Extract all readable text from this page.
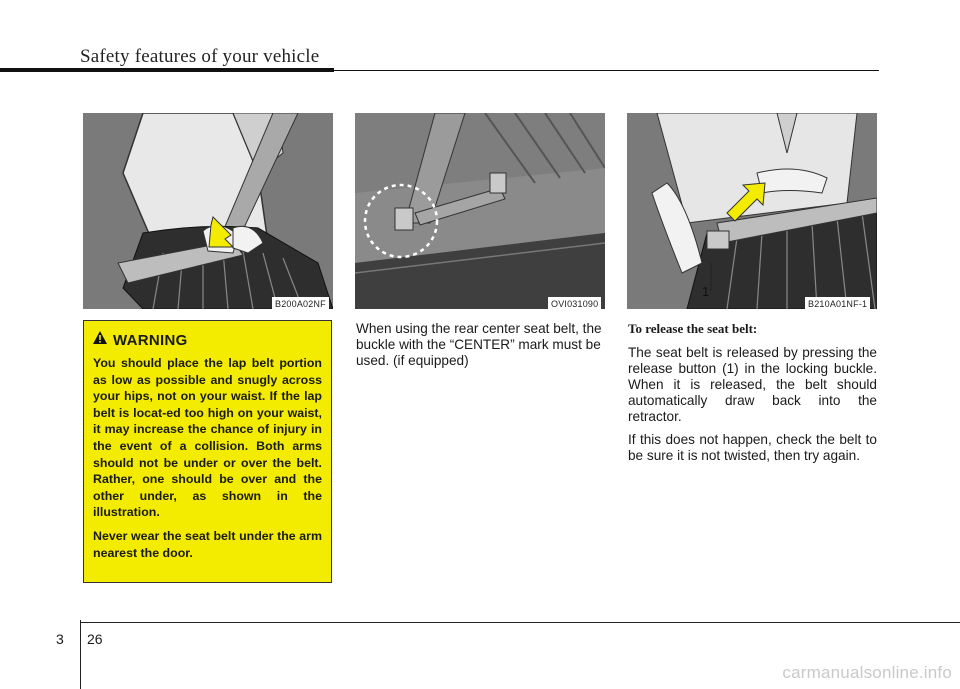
Safety features of your vehicle
B200A02NF	OVI031090
1
B210A01NF-1
WARNING

You should place the lap belt portion as low as possible and snugly across your hips, not on your waist. If the lap belt is locat-ed too high on your waist, it may increase the chance of injury in the event of a collision. Both arms should not be under or over the belt. Rather, one should be over and the other under, as shown in the illustration.

Never wear the seat belt under the arm nearest the door.

When using the rear center seat belt, the buckle with the “CENTER” mark must be used. (if equipped)

To release the seat belt:

The seat belt is released by pressing the release button (1) in the locking buckle. When it is released, the belt should automatically draw back into the retractor.

If this does not happen, check the belt to be sure it is not twisted, then try again.

3 26
carmanualsonline.info
